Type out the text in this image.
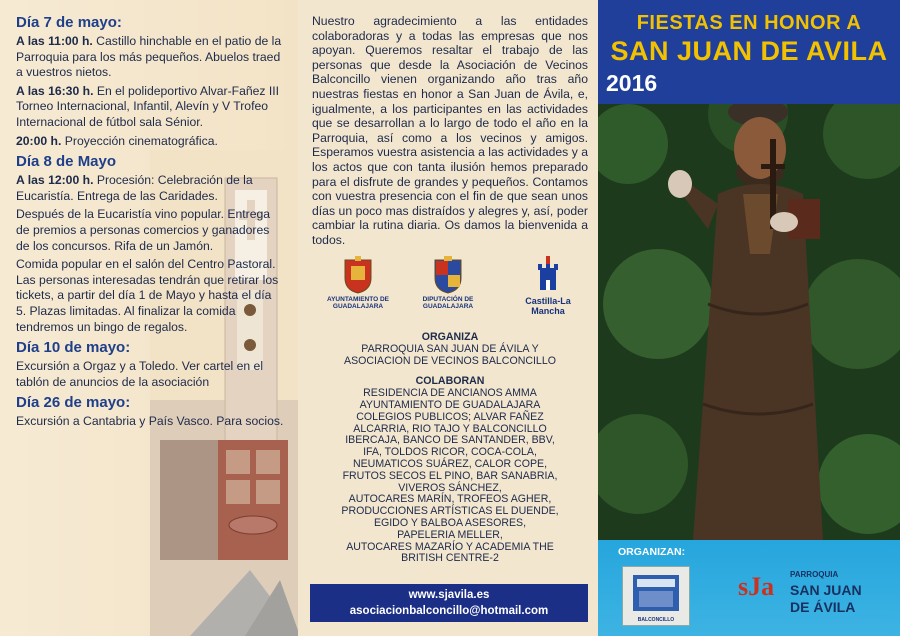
Día 7 de mayo:

A las 11:00 h. Castillo hinchable en el patio de la Parroquia para los más pequeños. Abuelos traed a vuestros nietos.

A las 16:30 h. En el polideportivo Alvar-Fañez III Torneo Internacional, Infantil, Alevín y V Trofeo Internacional de fútbol sala Sénior.

20:00 h. Proyección cinematográfica.

Día 8 de Mayo

A las 12:00 h. Procesión: Celebración de la Eucaristía. Entrega de las Caridades.

Después de la Eucaristía vino popular. Entrega de premios a personas comercios y ganadores de los concursos. Rifa de un Jamón.

Comida popular en el salón del Centro Pastoral. Las personas interesadas tendrán que retirar los tickets, a partir del día 1 de Mayo y hasta el día 5. Plazas limitadas. Al finalizar la comida tendremos un bingo de regalos.

Día 10 de mayo:

Excursión a Orgaz y a Toledo. Ver cartel en el tablón de anuncios de la asociación

Día 26 de mayo:

Excursión a Cantabria y País Vasco. Para socios.

Nuestro agradecimiento a las entidades colaboradoras y a todas las empresas que nos apoyan. Queremos resaltar el trabajo de las personas que desde la Asociación de Vecinos Balconcillo vienen organizando año tras año nuestras fiestas en honor a San Juan de Ávila, e, igualmente, a los participantes en las actividades que se desarrollan a lo largo de todo el año en la Parroquia, así como a los vecinos y amigos. Esperamos vuestra asistencia a las actividades y a los actos que con tanta ilusión hemos preparado para el disfrute de grandes y pequeños. Contamos con vuestra presencia con el fin de que sean unos días un poco mas distraídos y alegres y, así, poder cambiar la rutina diaria. Os damos la bienvenida a todos.
AYUNTAMIENTO DE GUADALAJARA
DIPUTACIÓN DE GUADALAJARA
Castilla-La Mancha
ORGANIZA

PARROQUIA SAN JUAN DE ÁVILA Y

ASOCIACION DE VECINOS BALCONCILLO

COLABORAN

RESIDENCIA DE ANCIANOS AMMA

AYUNTAMIENTO DE GUADALAJARA

COLEGIOS PUBLICOS; ALVAR FAÑEZ

ALCARRIA, RIO TAJO Y BALCONCILLO

IBERCAJA, BANCO DE SANTANDER, BBV,

IFA, TOLDOS RICOR, COCA-COLA,

NEUMATICOS SUÁREZ, CALOR COPE,

FRUTOS SECOS EL PINO, BAR SANABRIA,

VIVEROS SÁNCHEZ,

AUTOCARES MARÍN, TROFEOS AGHER,

PRODUCCIONES ARTÍSTICAS EL DUENDE,

EGIDO Y BALBOA ASESORES,

PAPELERIA MELLER,

AUTOCARES MAZARÍO Y ACADEMIA THE

BRITISH CENTRE-2

www.sjavila.es
asociacionbalconcillo@hotmail.com
FIESTAS EN HONOR A
SAN JUAN DE AVILA
2016
ORGANIZAN:
BALCONCILLO
sJa PARROQUIA
SAN JUAN
DE ÁVILA
